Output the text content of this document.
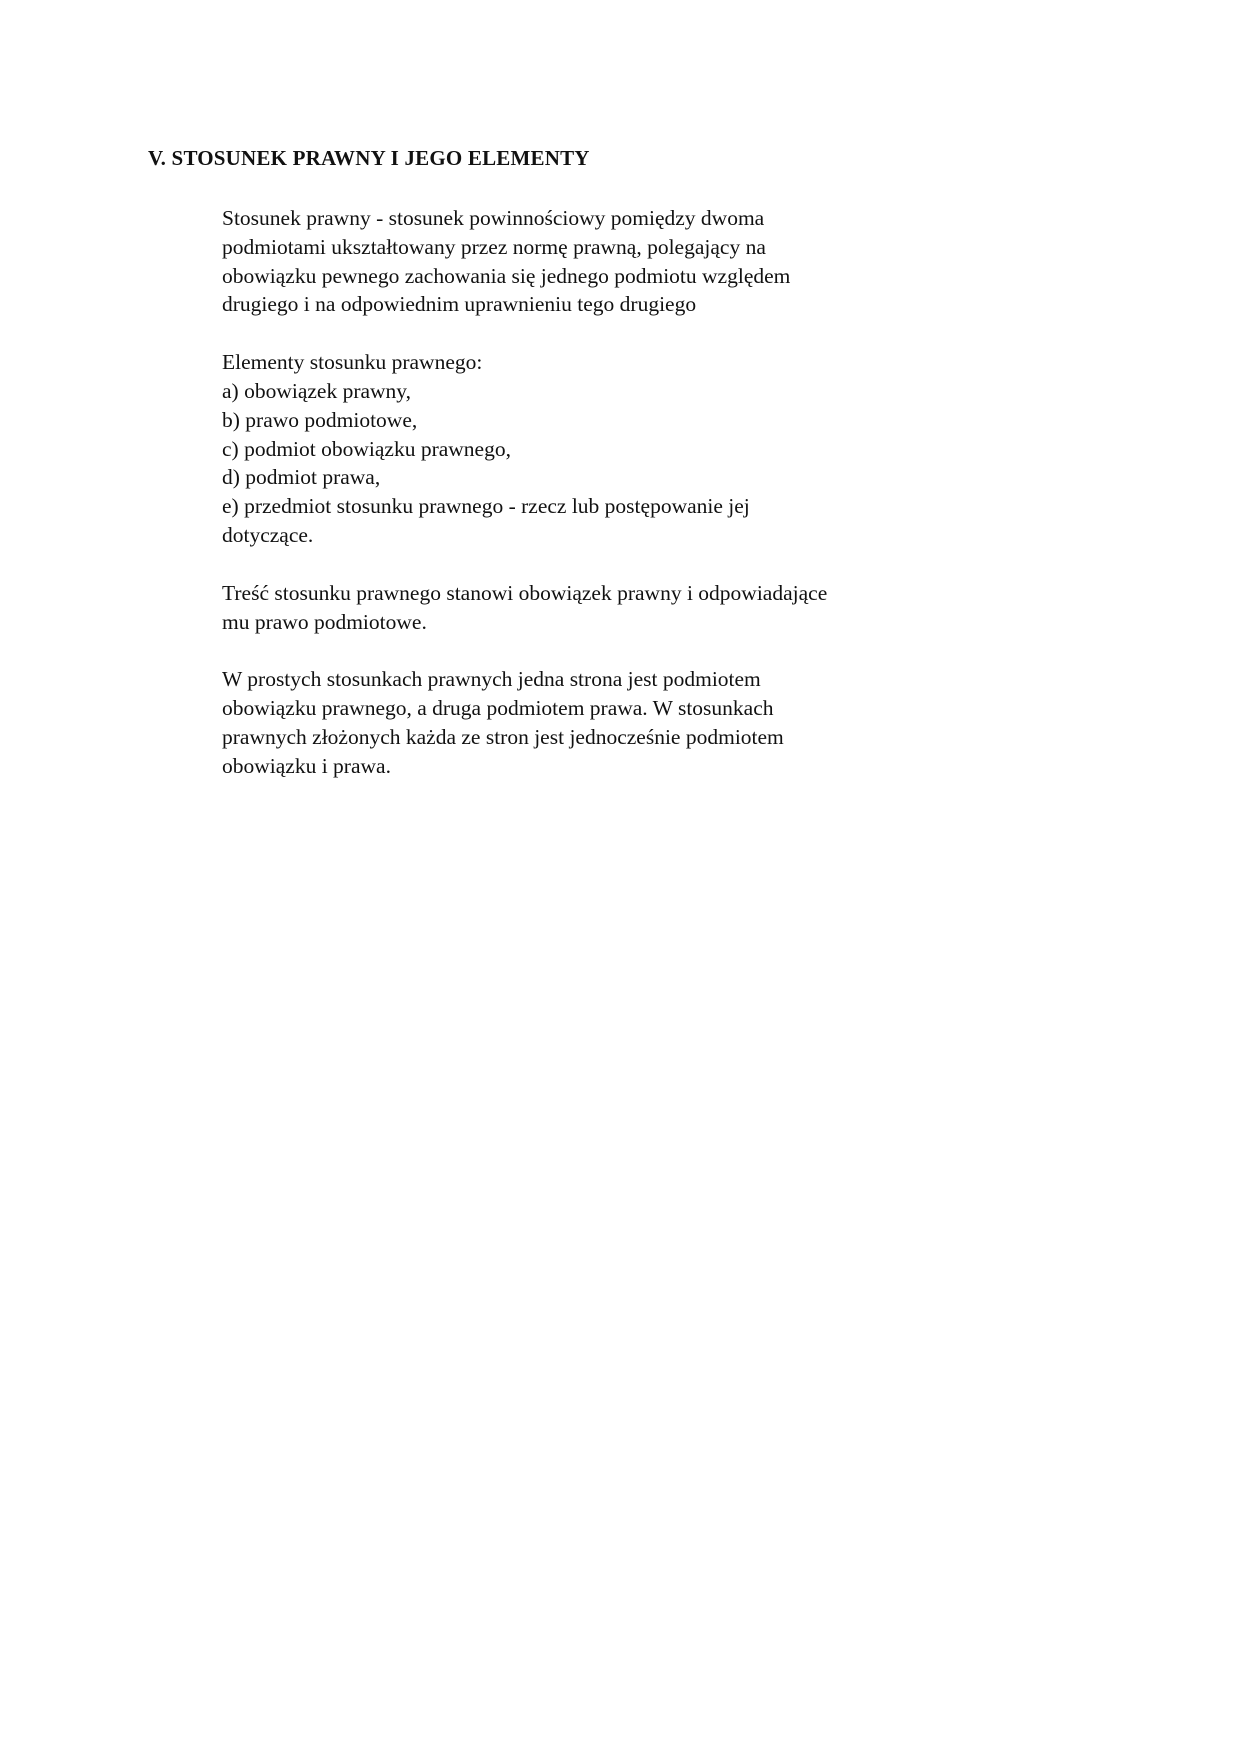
V. STOSUNEK PRAWNY I JEGO ELEMENTY

Stosunek prawny - stosunek powinnościowy pomiędzy dwoma
podmiotami ukształtowany przez normę prawną, polegający na
obowiązku pewnego zachowania się jednego podmiotu względem
drugiego i na odpowiednim uprawnieniu tego drugiego

Elementy stosunku prawnego:
a) obowiązek prawny,
b) prawo podmiotowe,
c) podmiot obowiązku prawnego,
d) podmiot prawa,
e) przedmiot stosunku prawnego - rzecz lub postępowanie jej
dotyczące.

Treść stosunku prawnego stanowi obowiązek prawny i odpowiadające
mu prawo podmiotowe.

W prostych stosunkach prawnych jedna strona jest podmiotem
obowiązku prawnego, a druga podmiotem prawa. W stosunkach
prawnych złożonych każda ze stron jest jednocześnie podmiotem
obowiązku i prawa.
